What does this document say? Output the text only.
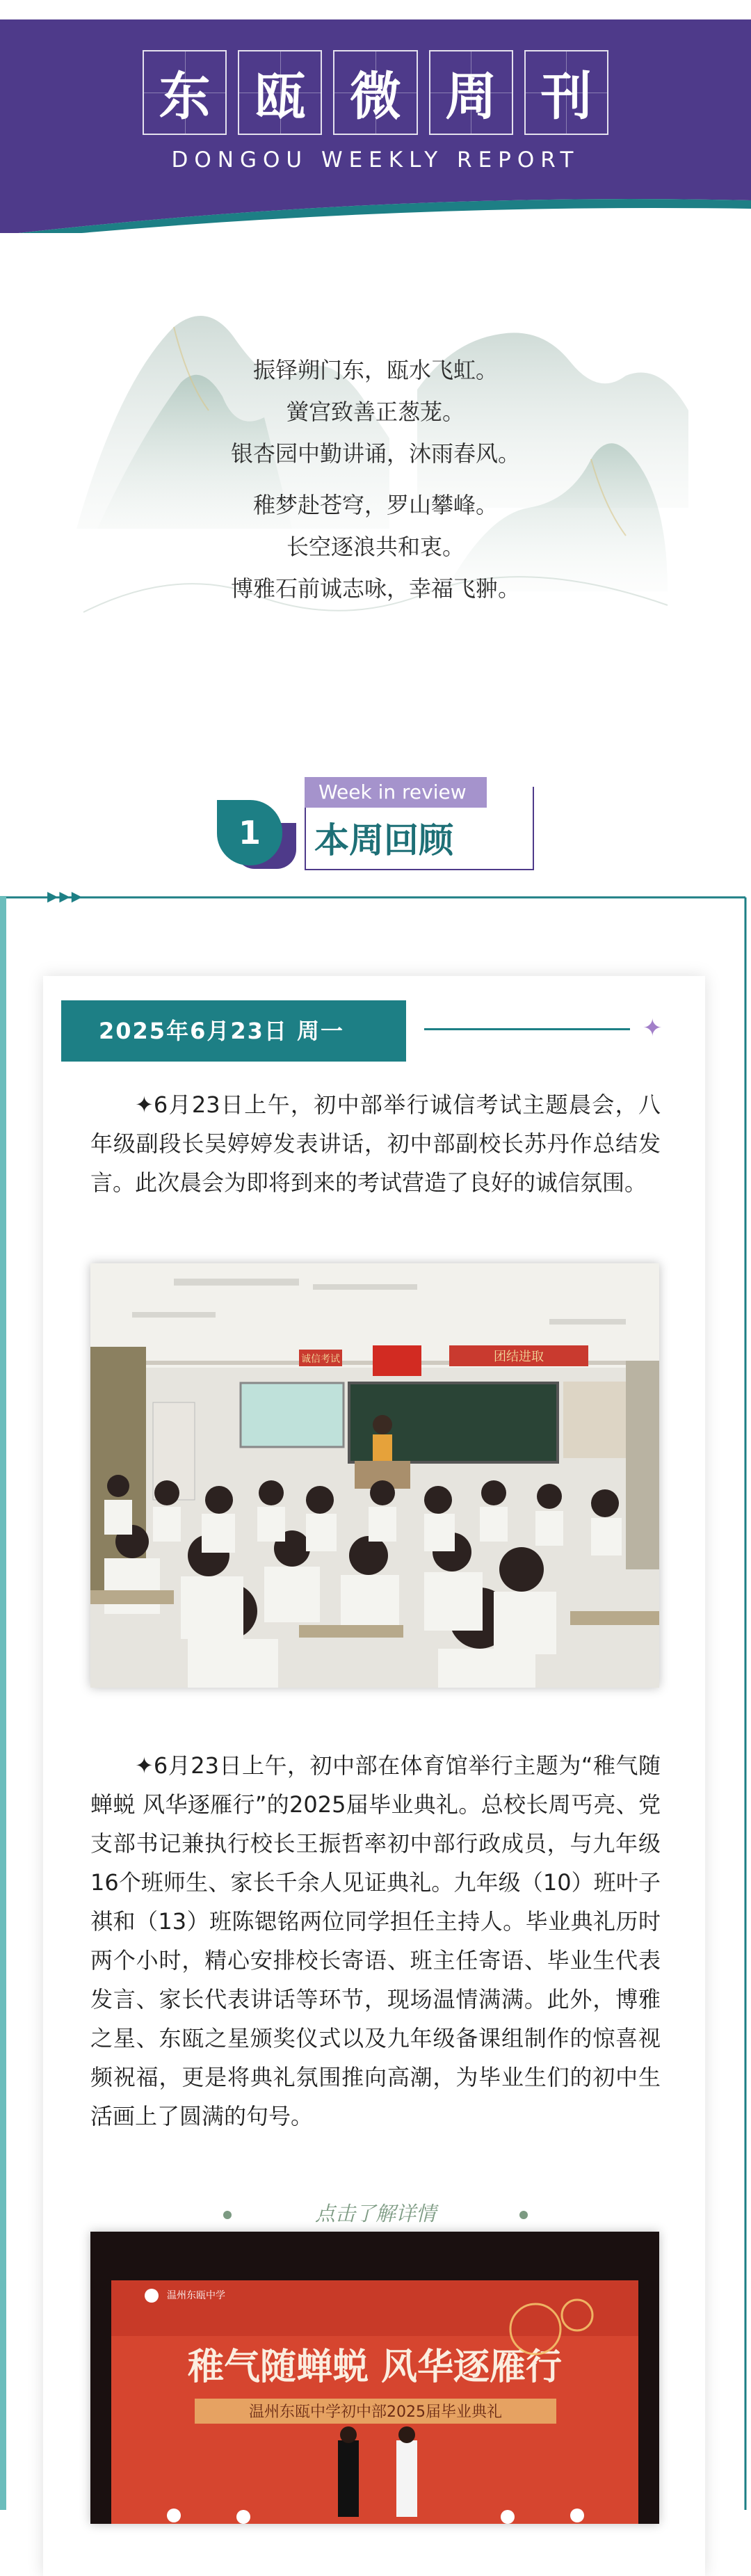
东 瓯 微 周 刊
DONGOU WEEKLY REPORT
振铎朔门东，瓯水飞虹。
黉宫致善正葱茏。
银杏园中勤讲诵，沐雨春风。
稚梦赴苍穹，罗山攀峰。
长空逐浪共和衷。
博雅石前诚志咏，幸福飞翀。
Week in review
本周回顾
1
▶▶▶
2025年6月23日 周一	✦
✦6月23日上午，初中部举行诚信考试主题晨会，八年级副段长吴婷婷发表讲话，初中部副校长苏丹作总结发言。此次晨会为即将到来的考试营造了良好的诚信氛围。
诚信考试	团结进取
✦6月23日上午，初中部在体育馆举行主题为“稚气随蝉蜕 风华逐雁行”的2025届毕业典礼。总校长周丐亮、党支部书记兼执行校长王振哲率初中部行政成员，与九年级16个班师生、家长千余人见证典礼。九年级（10）班叶子祺和（13）班陈锶铭两位同学担任主持人。毕业典礼历时两个小时，精心安排校长寄语、班主任寄语、毕业生代表发言、家长代表讲话等环节，现场温情满满。此外，博雅之星、东瓯之星颁奖仪式以及九年级备课组制作的惊喜视频祝福，更是将典礼氛围推向高潮，为毕业生们的初中生活画上了圆满的句号。
点击了解详情
温州东瓯中学
稚气随蝉蜕 风华逐雁行
温州东瓯中学初中部2025届毕业典礼
